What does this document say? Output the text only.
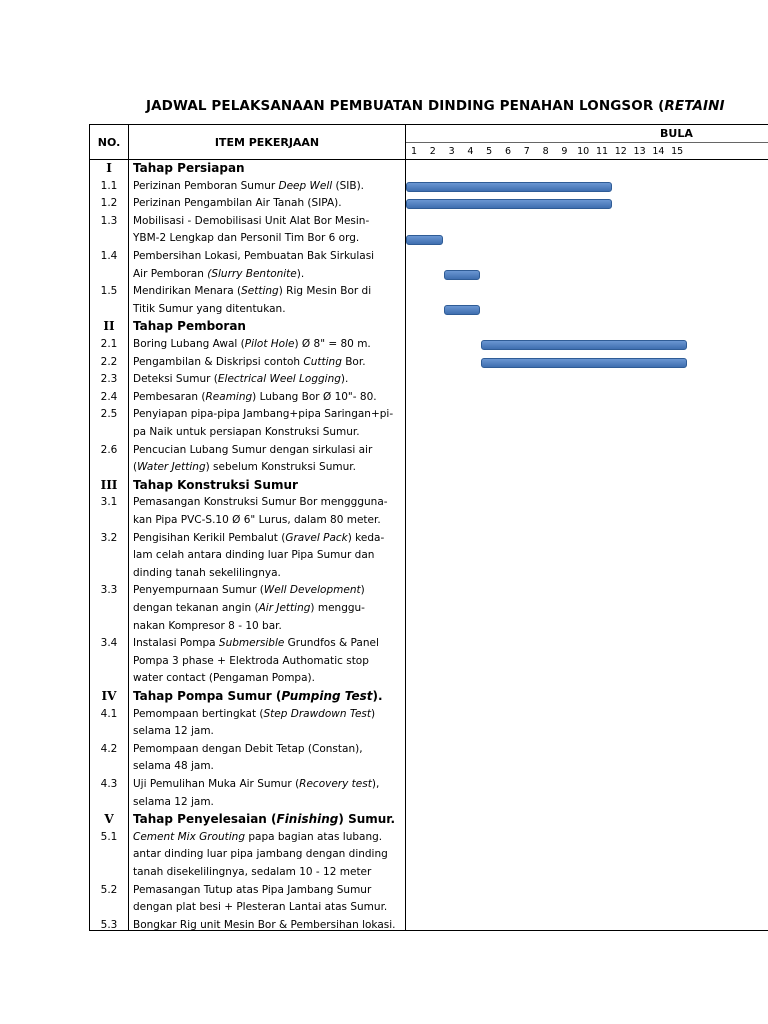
JADWAL PELAKSANAAN PEMBUATAN DINDING PENAHAN LONGSOR (RETAINI
NO.	ITEM PEKERJAAN
BULA
1	2	3	4	5	6	7	8	9	10 11 12 13 14 15
I	Tahap Persiapan
1.1	Perizinan Pemboran Sumur Deep Well (SIB).
1.2	Perizinan Pengambilan Air Tanah (SIPA).
1.3	Mobilisasi - Demobilisasi Unit Alat Bor Mesin-
YBM-2 Lengkap dan Personil Tim Bor 6 org.
1.4	Pembersihan Lokasi, Pembuatan Bak Sirkulasi
Air Pemboran (Slurry Bentonite).
1.5	Mendirikan Menara (Setting) Rig Mesin Bor di
Titik Sumur yang ditentukan.
II	Tahap Pemboran
2.1	Boring Lubang Awal (Pilot Hole) Ø 8" = 80 m.
2.2	Pengambilan & Diskripsi contoh Cutting Bor.
2.3	Deteksi Sumur (Electrical Weel Logging).
2.4	Pembesaran (Reaming) Lubang Bor Ø 10"- 80.
2.5	Penyiapan pipa-pipa Jambang+pipa Saringan+pi-
pa Naik untuk persiapan Konstruksi Sumur.
2.6	Pencucian Lubang Sumur dengan sirkulasi air
(Water Jetting) sebelum Konstruksi Sumur.
III	Tahap Konstruksi Sumur
3.1	Pemasangan Konstruksi Sumur Bor menggguna-
kan Pipa PVC-S.10 Ø 6" Lurus, dalam 80 meter.
3.2	Pengisihan Kerikil Pembalut (Gravel Pack) keda-
lam celah antara dinding luar Pipa Sumur dan
dinding tanah sekelilingnya.
3.3	Penyempurnaan Sumur (Well Development)
dengan tekanan angin (Air Jetting) menggu-
nakan Kompresor 8 - 10 bar.
3.4	Instalasi Pompa Submersible Grundfos & Panel
Pompa 3 phase + Elektroda Authomatic stop
water contact (Pengaman Pompa).
IV	Tahap Pompa Sumur (Pumping Test).
4.1	Pemompaan bertingkat (Step Drawdown Test)
selama 12 jam.
4.2	Pemompaan dengan Debit Tetap (Constan),
selama 48 jam.
4.3	Uji Pemulihan Muka Air Sumur (Recovery test),
selama 12 jam.
V	Tahap Penyelesaian (Finishing) Sumur.
5.1	Cement Mix Grouting papa bagian atas lubang.
antar dinding luar pipa jambang dengan dinding
tanah disekelilingnya, sedalam 10 - 12 meter
5.2	Pemasangan Tutup atas Pipa Jambang Sumur
dengan plat besi + Plesteran Lantai atas Sumur.
5.3	Bongkar Rig unit Mesin Bor & Pembersihan lokasi.
